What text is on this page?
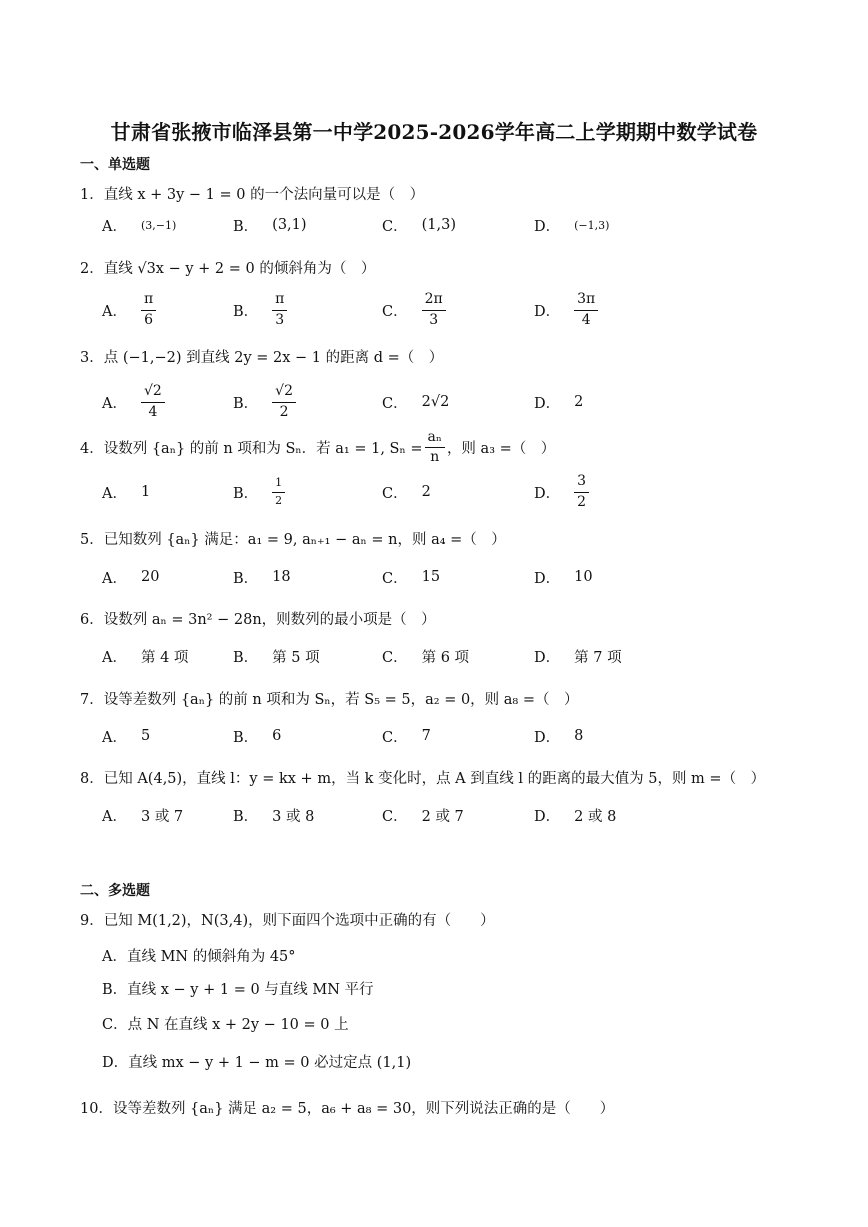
甘肃省张掖市临泽县第一中学2025-2026学年高二上学期期中数学试卷
一、单选题
1．直线 x + 3y − 1 = 0 的一个法向量可以是（　）
A． (3,−1)	B． (3,1)	C． (1,3)	D． (−1,3)
2．直线 √3x − y + 2 = 0 的倾斜角为（　）
A． $\frac{\pi}{6}$	B． $\frac{\pi}{3}$	C． $\frac{2\pi}{3}$	D． $\frac{3\pi}{4}$
3．点 (−1,−2) 到直线 2y = 2x − 1 的距离 d =（　）
A． $\frac{√2}{4}$	B． $\frac{√2}{2}$	C． 2√2	D． 2
4．设数列 {aₙ} 的前 n 项和为 Sₙ．若 a₁ = 1, $S_n = \frac{\text{aₙ}}{n}$ ，则 a₃ =（　）
A． 1	B． $\frac{1}{2}$	C． 2	D． $\frac{3}{2}$
5．已知数列 {aₙ} 满足：a₁ = 9, aₙ₊₁ − aₙ = n，则 a₄ =（　）
A． 20	B． 18	C． 15	D． 10
6．设数列 aₙ = 3n² − 28n，则数列的最小项是（　）
A． 第 4 项	B． 第 5 项	C． 第 6 项	D． 第 7 项
7．设等差数列 {aₙ} 的前 n 项和为 Sₙ，若 S₅ = 5，a₂ = 0，则 a₈ =（　）
A． 5	B． 6	C． 7	D． 8
8．已知 A(4,5)，直线 l：y = kx + m，当 k 变化时，点 A 到直线 l 的距离的最大值为 5，则 m =（　）
A． 3 或 7	B． 3 或 8	C． 2 或 7	D． 2 或 8
二、多选题
9．已知 M(1,2)，N(3,4)，则下面四个选项中正确的有（　　）
A．直线 MN 的倾斜角为 45°
B．直线 x − y + 1 = 0 与直线 MN 平行
C．点 N 在直线 x + 2y − 10 = 0 上
D．直线 mx − y + 1 − m = 0 必过定点 (1,1)
10．设等差数列 {aₙ} 满足 a₂ = 5，a₆ + a₈ = 30，则下列说法正确的是（　　）
